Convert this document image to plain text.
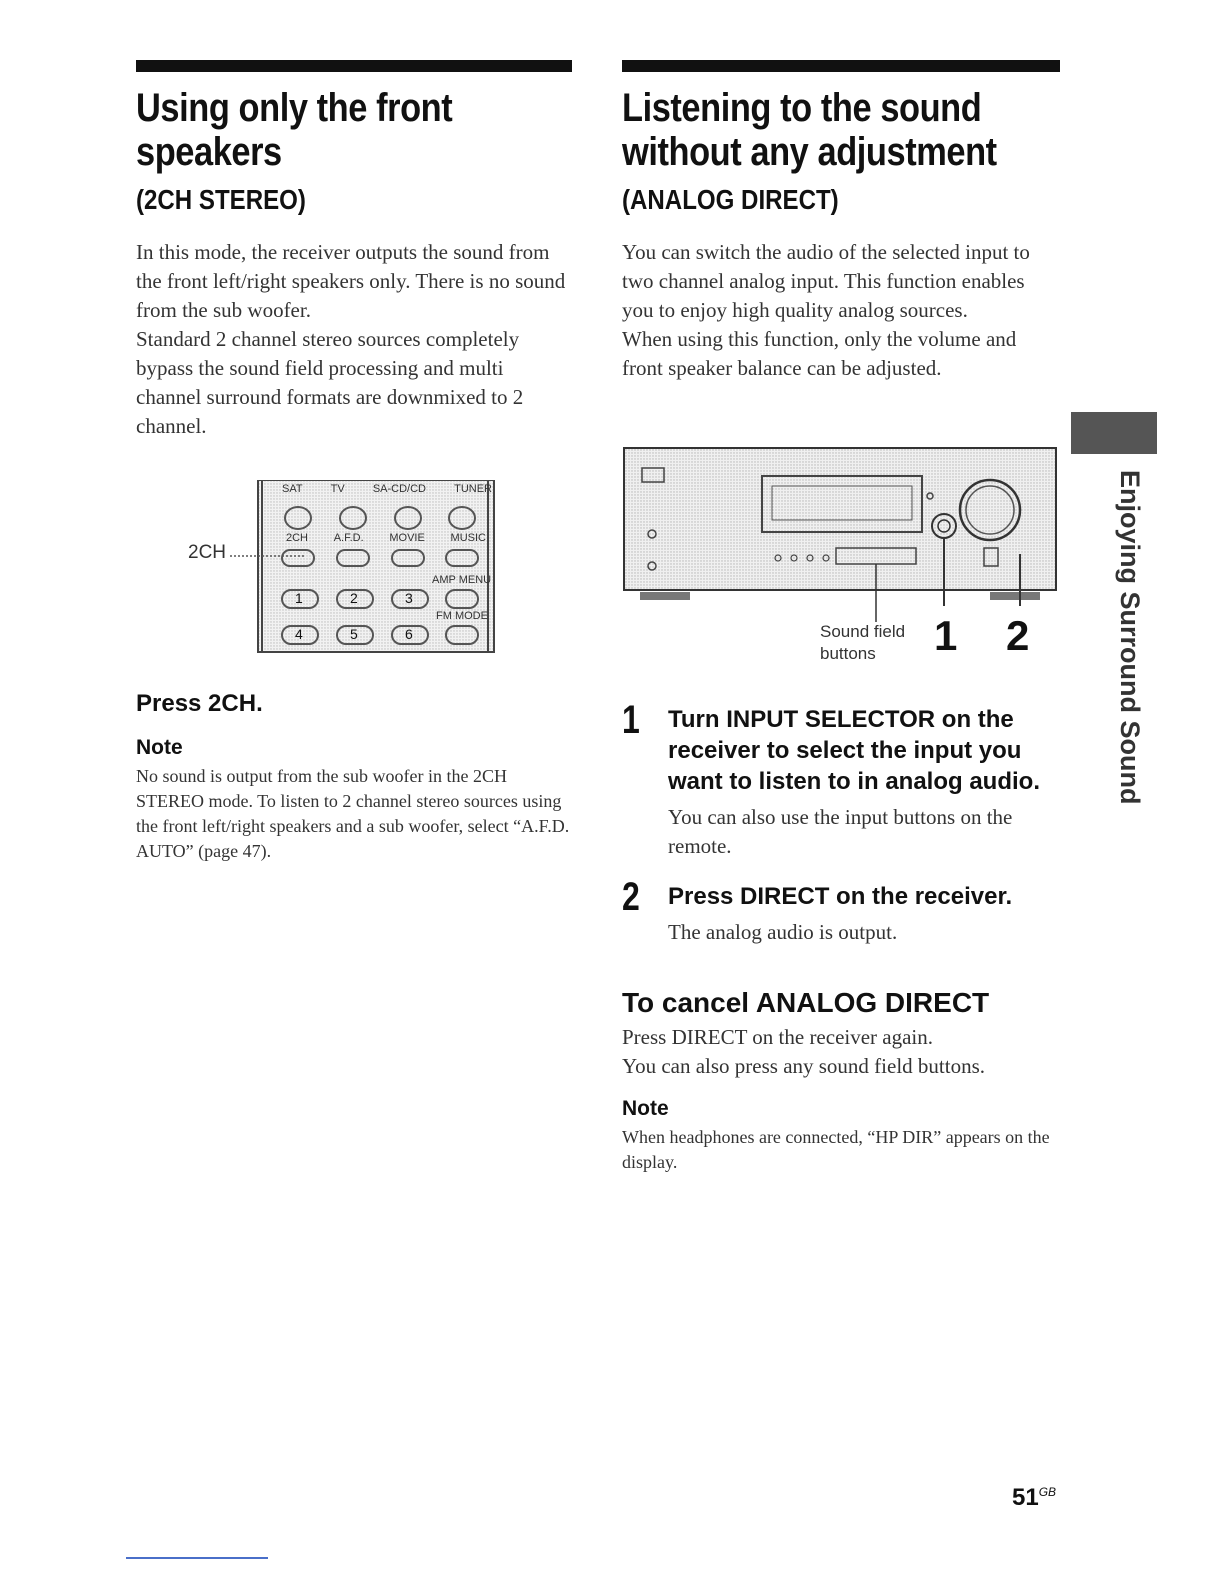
Using only the front
speakers
(2CH STEREO)

In this mode, the receiver outputs the sound from the front left/right speakers only. There is no sound from the sub woofer.

Standard 2 channel stereo sources completely bypass the sound field processing and multi channel surround formats are downmixed to 2 channel.

2CH
SAT	TV	SA-CD/CD	TUNER
2CH A.F.D. MOVIE MUSIC
AMP MENU
1	2	3
FM MODE
4	5	6

Press 2CH.

Note

No sound is output from the sub woofer in the 2CH STEREO mode. To listen to 2 channel stereo sources using the front left/right speakers and a sub woofer, select “A.F.D. AUTO” (page 47).

Listening to the sound
without any adjustment
(ANALOG DIRECT)

You can switch the audio of the selected input to two channel analog input. This function enables you to enjoy high quality analog sources.

When using this function, only the volume and front speaker balance can be adjusted.

Sound field
buttons 1 2
1 Turn INPUT SELECTOR on the receiver to select the input you want to listen to in analog audio.

You can also use the input buttons on the remote.

2 Press DIRECT on the receiver.

The analog audio is output.

To cancel ANALOG DIRECT

Press DIRECT on the receiver again.

You can also press any sound field buttons.

Note

When headphones are connected, “HP DIR” appears on the display.

Enjoying Surround Sound
$51^{GB}$
